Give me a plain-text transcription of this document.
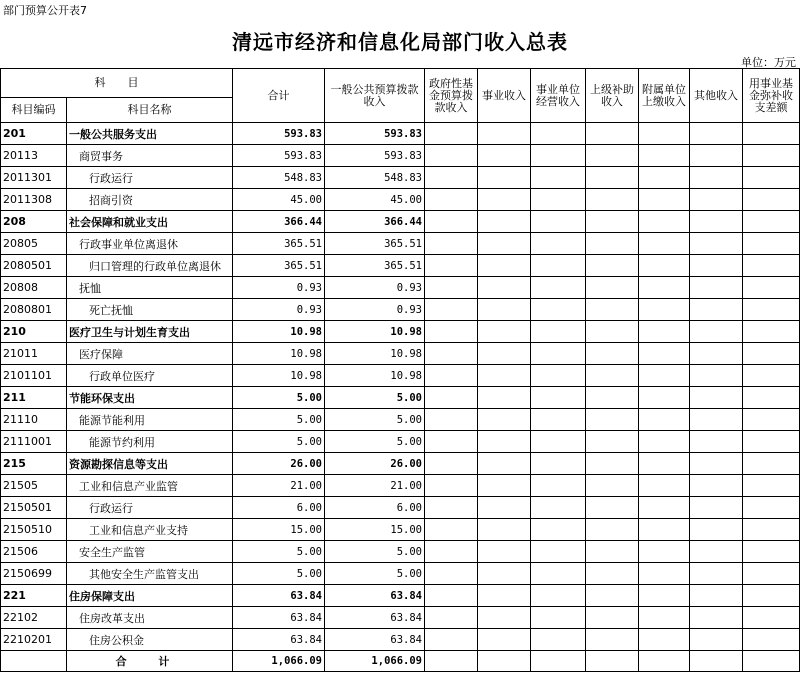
部门预算公开表7
清远市经济和信息化局部门收入总表
单位：万元
科　　目		合计	一般公共预算拨款收入	政府性基金预算拨款收入	事业收入	事业单位经营收入	上级补助收入	附属单位上缴收入	其他收入	用事业基金弥补收支差额
科目编码	科目名称									
201	一般公共服务支出	593.83	593.83							
20113	商贸事务	593.83	593.83							
2011301	行政运行	548.83	548.83							
2011308	招商引资	45.00	45.00							
208	社会保障和就业支出	366.44	366.44							
20805	行政事业单位离退休	365.51	365.51							
2080501	归口管理的行政单位离退休	365.51	365.51							
20808	抚恤	0.93	0.93							
2080801	死亡抚恤	0.93	0.93							
210	医疗卫生与计划生育支出	10.98	10.98							
21011	医疗保障	10.98	10.98							
2101101	行政单位医疗	10.98	10.98							
211	节能环保支出	5.00	5.00							
21110	能源节能利用	5.00	5.00							
2111001	能源节约利用	5.00	5.00							
215	资源勘探信息等支出	26.00	26.00							
21505	工业和信息产业监管	21.00	21.00							
2150501	行政运行	6.00	6.00							
2150510	工业和信息产业支持	15.00	15.00							
21506	安全生产监管	5.00	5.00							
2150699	其他安全生产监管支出	5.00	5.00							
221	住房保障支出	63.84	63.84							
22102	住房改革支出	63.84	63.84							
2210201	住房公积金	63.84	63.84							
	合 计	1,066.09	1,066.09							
